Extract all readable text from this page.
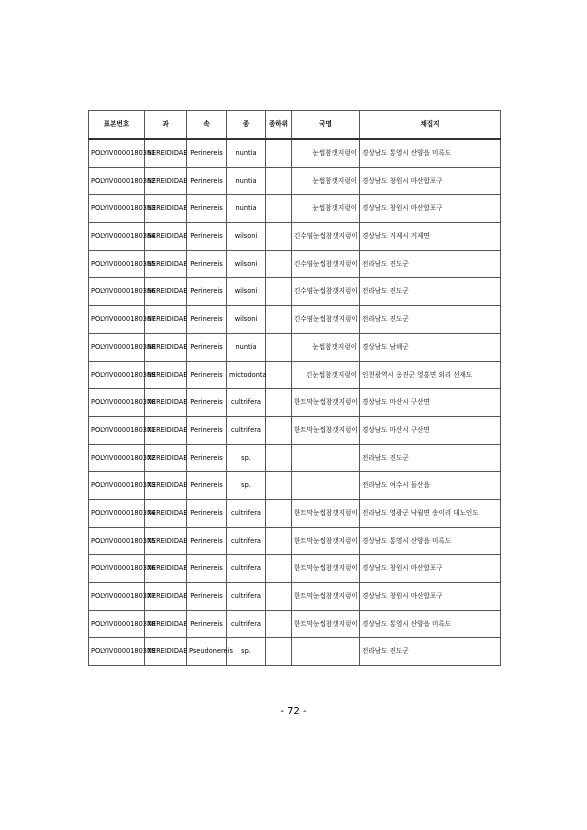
표본번호	과	속	종	종하위	국명	채집지
POLYIV0000180361	NEREIDIDAE	Perinereis	nuntia		눈썹참갯지렁이	경상남도 통영시 산양읍 미륵도
POLYIV0000180362	NEREIDIDAE	Perinereis	nuntia		눈썹참갯지렁이	경상남도 창원시 마산합포구
POLYIV0000180363	NEREIDIDAE	Perinereis	nuntia		눈썹참갯지렁이	경상남도 창원시 마산합포구
POLYIV0000180364	NEREIDIDAE	Perinereis	wilsoni		긴수염눈썹참갯지렁이	경상남도 거제시 거제면
POLYIV0000180365	NEREIDIDAE	Perinereis	wilsoni		긴수염눈썹참갯지렁이	전라남도 진도군
POLYIV0000180366	NEREIDIDAE	Perinereis	wilsoni		긴수염눈썹참갯지렁이	전라남도 진도군
POLYIV0000180367	NEREIDIDAE	Perinereis	wilsoni		긴수염눈썹참갯지렁이	전라남도 진도군
POLYIV0000180368	NEREIDIDAE	Perinereis	nuntia		눈썹참갯지렁이	경상남도 남해군
POLYIV0000180369	NEREIDIDAE	Perinereis	mictodonta		긴눈썹참갯지렁이	인천광역시 옹진군 영흥면 외리 선재도
POLYIV0000180370	NEREIDIDAE	Perinereis	cultrifera		한트막눈썹참갯지렁이	경상남도 마산시 구산면
POLYIV0000180371	NEREIDIDAE	Perinereis	cultrifera		한트막눈썹참갯지렁이	경상남도 마산시 구산면
POLYIV0000180372	NEREIDIDAE	Perinereis	sp.			전라남도 진도군
POLYIV0000180373	NEREIDIDAE	Perinereis	sp.			전라남도 여수시 돌산읍
POLYIV0000180374	NEREIDIDAE	Perinereis	cultrifera		한트막눈썹참갯지렁이	전라남도 영광군 낙월면 송이리 대노인도
POLYIV0000180375	NEREIDIDAE	Perinereis	cultrifera		한트막눈썹참갯지렁이	경상남도 통영시 산양읍 미륵도
POLYIV0000180376	NEREIDIDAE	Perinereis	cultrifera		한트막눈썹참갯지렁이	경상남도 창원시 마산합포구
POLYIV0000180377	NEREIDIDAE	Perinereis	cultrifera		한트막눈썹참갯지렁이	경상남도 창원시 마산합포구
POLYIV0000180378	NEREIDIDAE	Perinereis	cultrifera		한트막눈썹참갯지렁이	경상남도 통영시 산양읍 미륵도
POLYIV0000180379	NEREIDIDAE	Pseudonereis	sp.			전라남도 진도군
- 72 -
